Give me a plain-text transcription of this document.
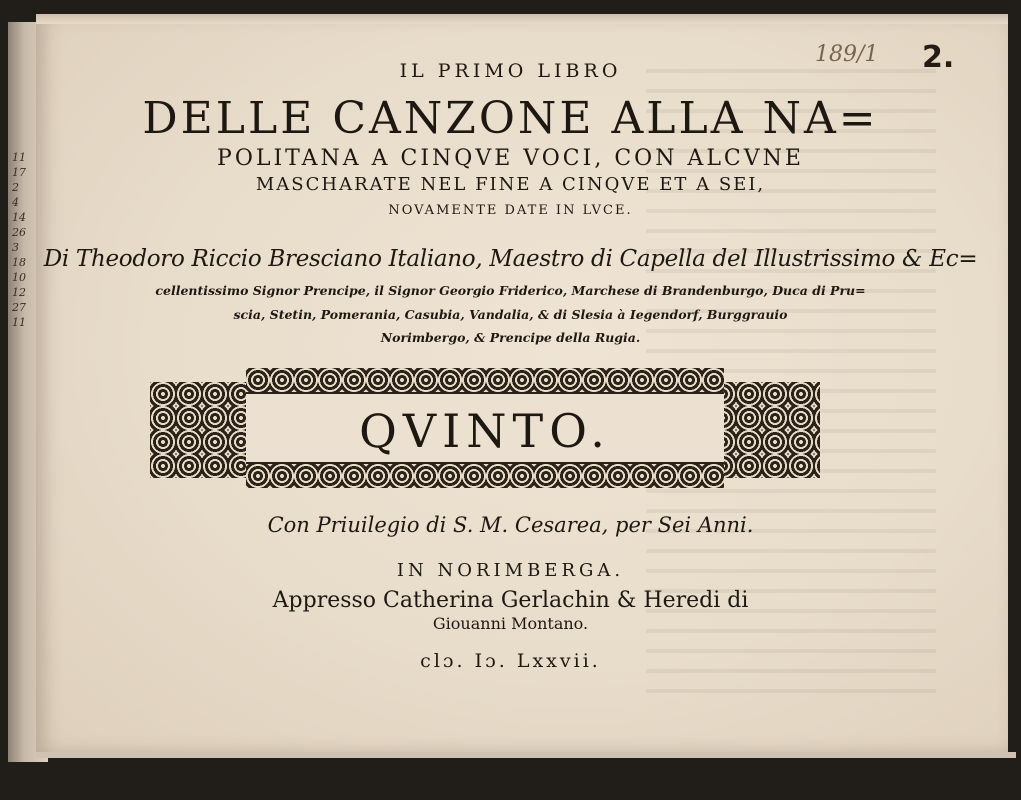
11
17
2
4
14
26
3
18
10
12
27
11
189/1 2.
IL PRIMO LIBRO
DELLE CANZONE ALLA NA=
POLITANA A CINQVE VOCI, CON ALCVNE
MASCHARATE NEL FINE A CINQVE ET A SEI,
NOVAMENTE DATE IN LVCE.
Di Theodoro Riccio Bresciano Italiano, Maestro di Capella del Illustrissimo & Ec=
cellentissimo Signor Prencipe, il Signor Georgio Friderico, Marchese di Brandenburgo, Duca di Pru=
scia, Stetin, Pomerania, Casubia, Vandalia, & di Slesia à Iegendorf, Burggrauio
Norimbergo, & Prencipe della Rugia.
QVINTO.
Con Priuilegio di S. M. Cesarea, per Sei Anni.
IN NORIMBERGA.
Appresso Catherina Gerlachin & Heredi di
Giouanni Montano.
clɔ. Iɔ. Lxxvii.
